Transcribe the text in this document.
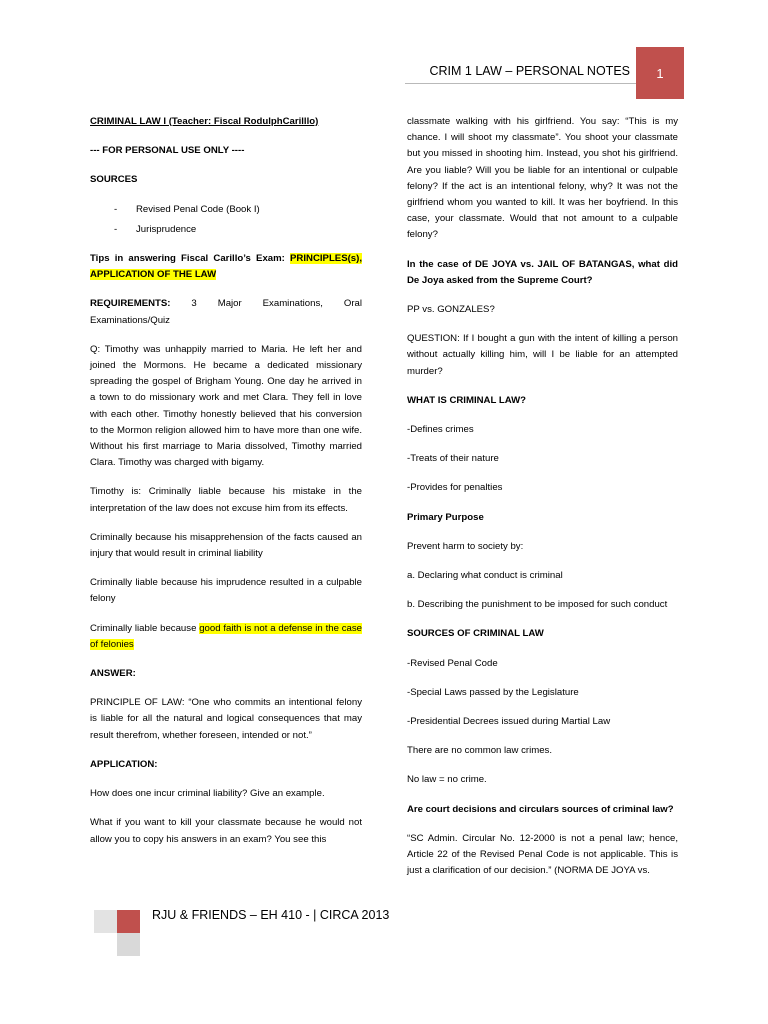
CRIM 1 LAW – PERSONAL NOTES 1

CRIMINAL LAW I (Teacher: Fiscal RodulphCarilllo)

--- FOR PERSONAL USE ONLY ----

SOURCES

- Revised Penal Code (Book I)
- Jurisprudence

Tips in answering Fiscal Carillo’s Exam: PRINCIPLES(s), APPLICATION OF THE LAW

REQUIREMENTS: 3 Major Examinations, Oral Examinations/Quiz

Q: Timothy was unhappily married to Maria. He left her and joined the Mormons. He became a dedicated missionary spreading the gospel of Brigham Young. One day he arrived in a town to do missionary work and met Clara. They fell in love with each other. Timothy honestly believed that his conversion to the Mormon religion allowed him to have more than one wife. Without his first marriage to Maria dissolved, Timothy married Clara. Timothy was charged with bigamy.

Timothy is: Criminally liable because his mistake in the interpretation of the law does not excuse him from its effects.

Criminally because his misapprehension of the facts caused an injury that would result in criminal liability

Criminally liable because his imprudence resulted in a culpable felony

Criminally liable because good faith is not a defense in the case of felonies

ANSWER:

PRINCIPLE OF LAW: “One who commits an intentional felony is liable for all the natural and logical consequences that may result therefrom, whether foreseen, intended or not.”

APPLICATION:

How does one incur criminal liability? Give an example.

What if you want to kill your classmate because he would not allow you to copy his answers in an exam? You see this

classmate walking with his girlfriend. You say: “This is my chance. I will shoot my classmate”. You shoot your classmate but you missed in shooting him. Instead, you shot his girlfriend. Are you liable? Will you be liable for an intentional or culpable felony? If the act is an intentional felony, why? It was not the girlfriend whom you wanted to kill. It was her boyfriend. In this case, your classmate. Would that not amount to a culpable felony?

In the case of DE JOYA vs. JAIL OF BATANGAS, what did De Joya asked from the Supreme Court?

PP vs. GONZALES?

QUESTION: If I bought a gun with the intent of killing a person without actually killing him, will I be liable for an attempted murder?

WHAT IS CRIMINAL LAW?

-Defines crimes

-Treats of their nature

-Provides for penalties

Primary Purpose

Prevent harm to society by:

a. Declaring what conduct is criminal

b. Describing the punishment to be imposed for such conduct

SOURCES OF CRIMINAL LAW

-Revised Penal Code

-Special Laws passed by the Legislature

-Presidential Decrees issued during Martial Law

There are no common law crimes.

No law = no crime.

Are court decisions and circulars sources of criminal law?

“SC Admin. Circular No. 12-2000 is not a penal law; hence, Article 22 of the Revised Penal Code is not applicable. This is just a clarification of our decision.” (NORMA DE JOYA vs.

RJU & FRIENDS – EH 410 - | CIRCA 2013
